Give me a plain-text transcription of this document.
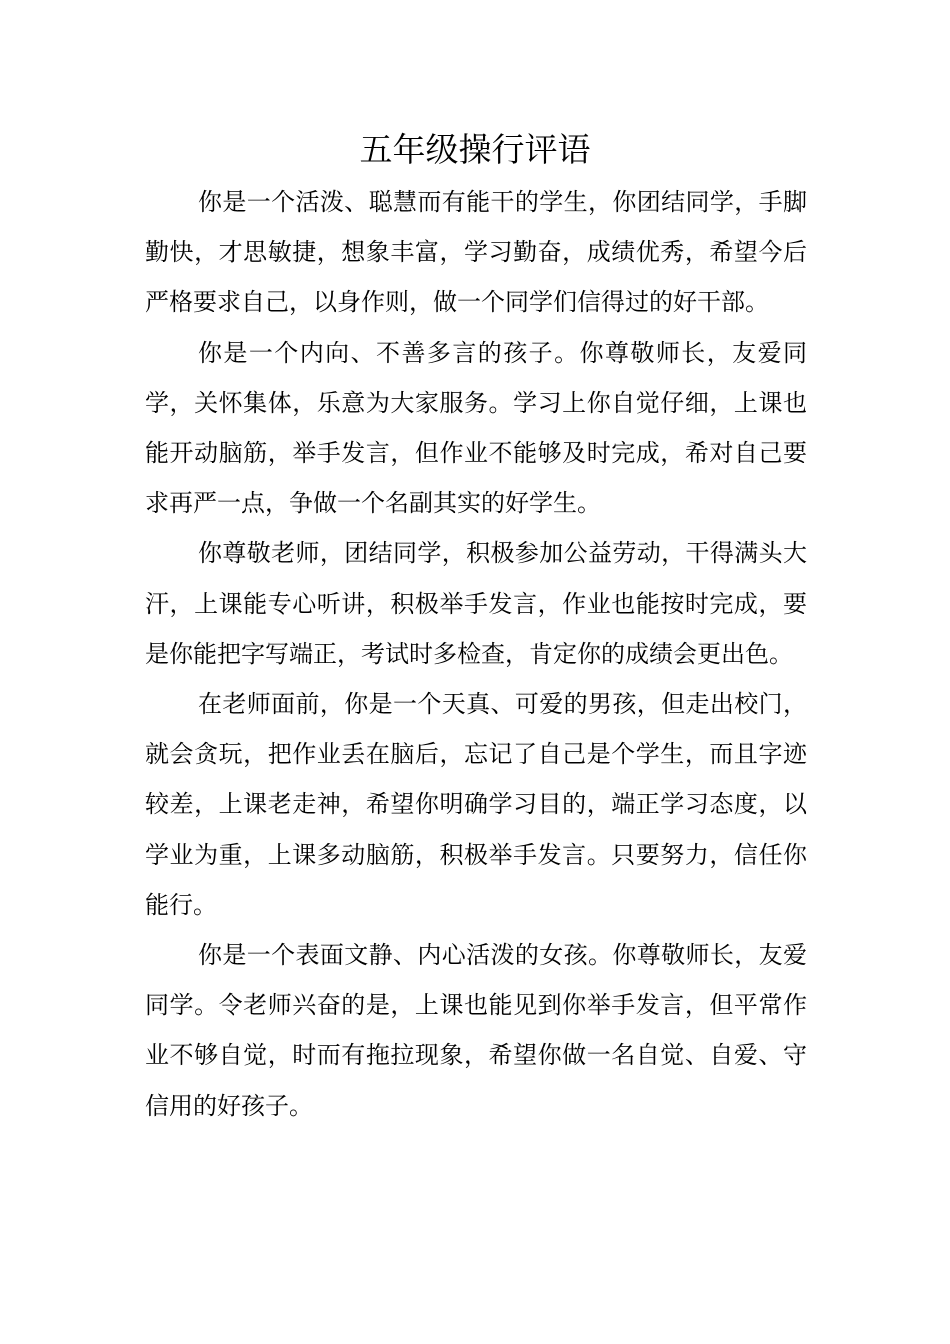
五年级操行评语

你是一个活泼、聪慧而有能干的学生，你团结同学，手脚勤快，才思敏捷，想象丰富，学习勤奋，成绩优秀，希望今后严格要求自己，以身作则，做一个同学们信得过的好干部。

你是一个内向、不善多言的孩子。你尊敬师长，友爱同学，关怀集体，乐意为大家服务。学习上你自觉仔细，上课也能开动脑筋，举手发言，但作业不能够及时完成，希对自己要求再严一点，争做一个名副其实的好学生。

你尊敬老师，团结同学，积极参加公益劳动，干得满头大汗，上课能专心听讲，积极举手发言，作业也能按时完成，要是你能把字写端正，考试时多检查，肯定你的成绩会更出色。

在老师面前，你是一个天真、可爱的男孩，但走出校门，就会贪玩，把作业丢在脑后，忘记了自己是个学生，而且字迹较差，上课老走神，希望你明确学习目的，端正学习态度，以学业为重，上课多动脑筋，积极举手发言。只要努力，信任你能行。

你是一个表面文静、内心活泼的女孩。你尊敬师长，友爱同学。令老师兴奋的是，上课也能见到你举手发言，但平常作业不够自觉，时而有拖拉现象，希望你做一名自觉、自爱、守信用的好孩子。
